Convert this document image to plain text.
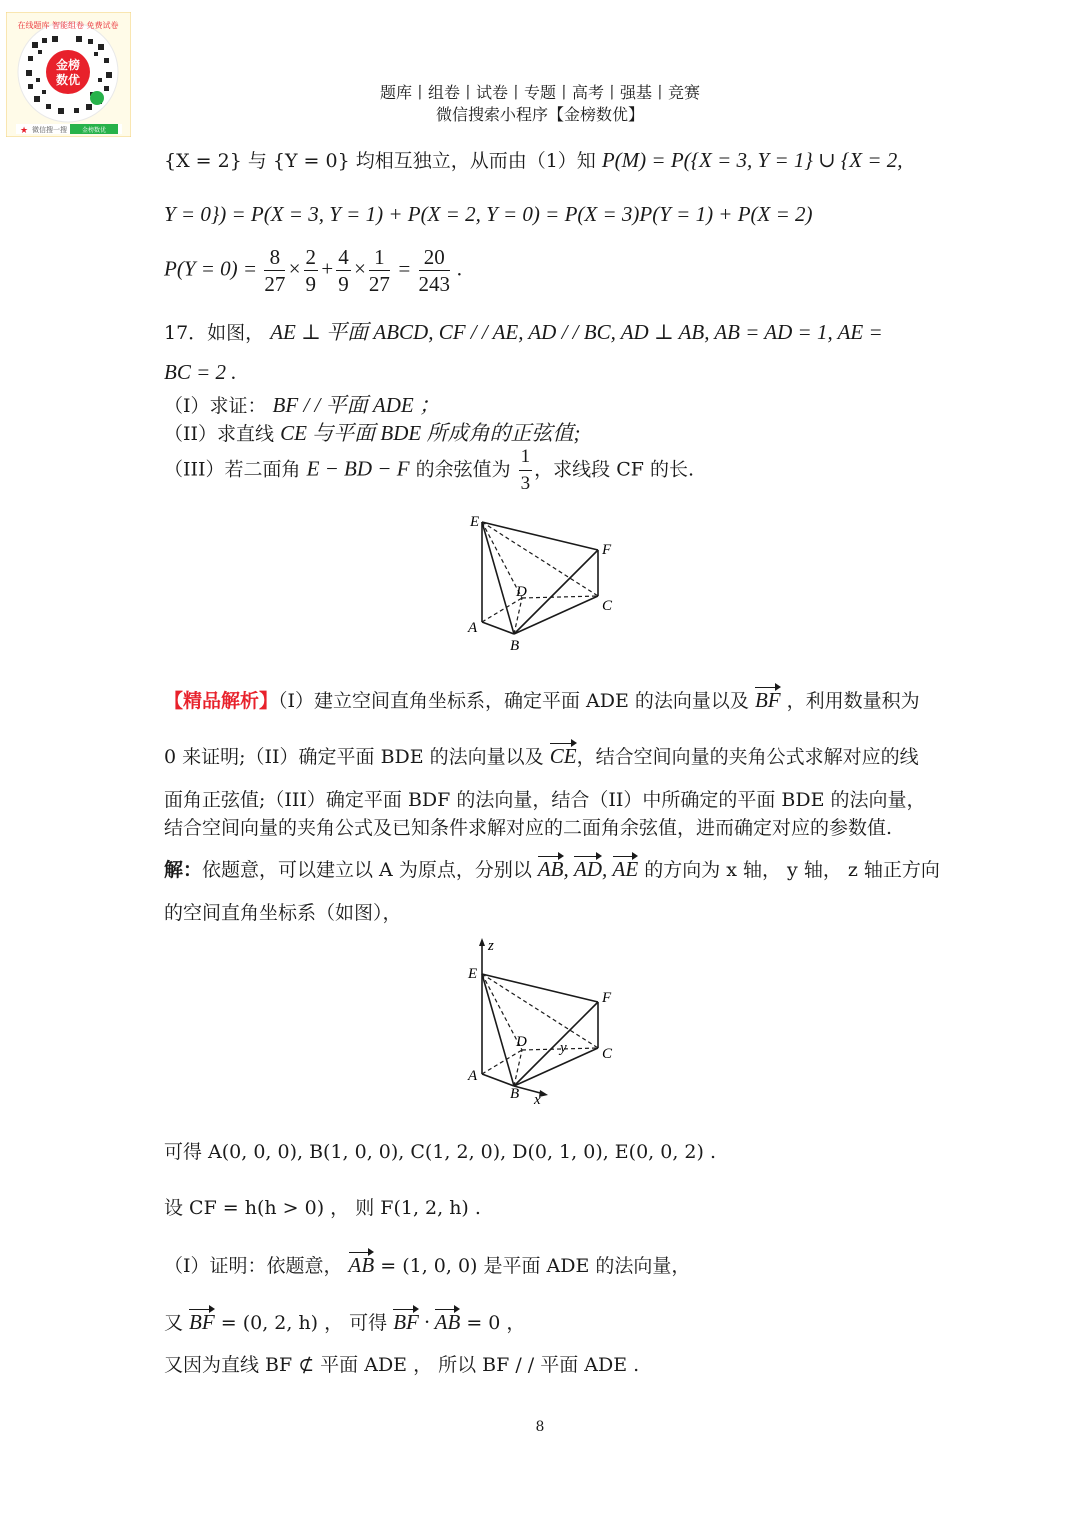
金榜
数优
在线题库 智能组卷 免费试卷
微信搜一搜 金榜数优
★
题库丨组卷丨试卷丨专题丨高考丨强基丨竞赛
微信搜索小程序【金榜数优】
{X = 2} 与 {Y = 0} 均相互独立，从而由（1）知 P(M) = P({X = 3, Y = 1} ∪ {X = 2,
Y = 0}) = P(X = 3, Y = 1) + P(X = 2, Y = 0) = P(X = 3)P(Y = 1) + P(X = 2)
$P(Y = 0) = \frac{8}{27} \times \frac{2}{9} + \frac{4}{9} \times \frac{1}{27} = \frac{20}{243}$ .
17．如图， AE ⊥ 平面 ABCD, CF / / AE, AD / / BC, AD ⊥ AB, AB = AD = 1, AE =
BC = 2 .
（I）求证： BF / / 平面 ADE ；
（II）求直线 CE 与平面 BDE 所成角的正弦值;
（III）若二面角 E − BD − F 的余弦值为 $\frac{1}{3}$ ，求线段 CF 的长.
E
F
D
C
A
B
【精品解析】（I）建立空间直角坐标系，确定平面 ADE 的法向量以及 BF ，利用数量积为
0 来证明;（II）确定平面 BDE 的法向量以及 CE，结合空间向量的夹角公式求解对应的线
面角正弦值;（III）确定平面 BDF 的法向量，结合（II）中所确定的平面 BDE 的法向量，
结合空间向量的夹角公式及已知条件求解对应的二面角余弦值，进而确定对应的参数值.
解：依题意，可以建立以 A 为原点，分别以 AB, AD, AE 的方向为 x 轴， y 轴， z 轴正方向
的空间直角坐标系（如图），
z
E
F
D y C
A
B x
可得 A(0, 0, 0), B(1, 0, 0), C(1, 2, 0), D(0, 1, 0), E(0, 0, 2) .
设 CF = h(h > 0) ， 则 F(1, 2, h) .
（I）证明：依题意， AB = (1, 0, 0) 是平面 ADE 的法向量，
又 BF = (0, 2, h) ， 可得 BF · AB = 0 ，
又因为直线 BF ⊄ 平面 ADE ， 所以 BF / / 平面 ADE .
8
